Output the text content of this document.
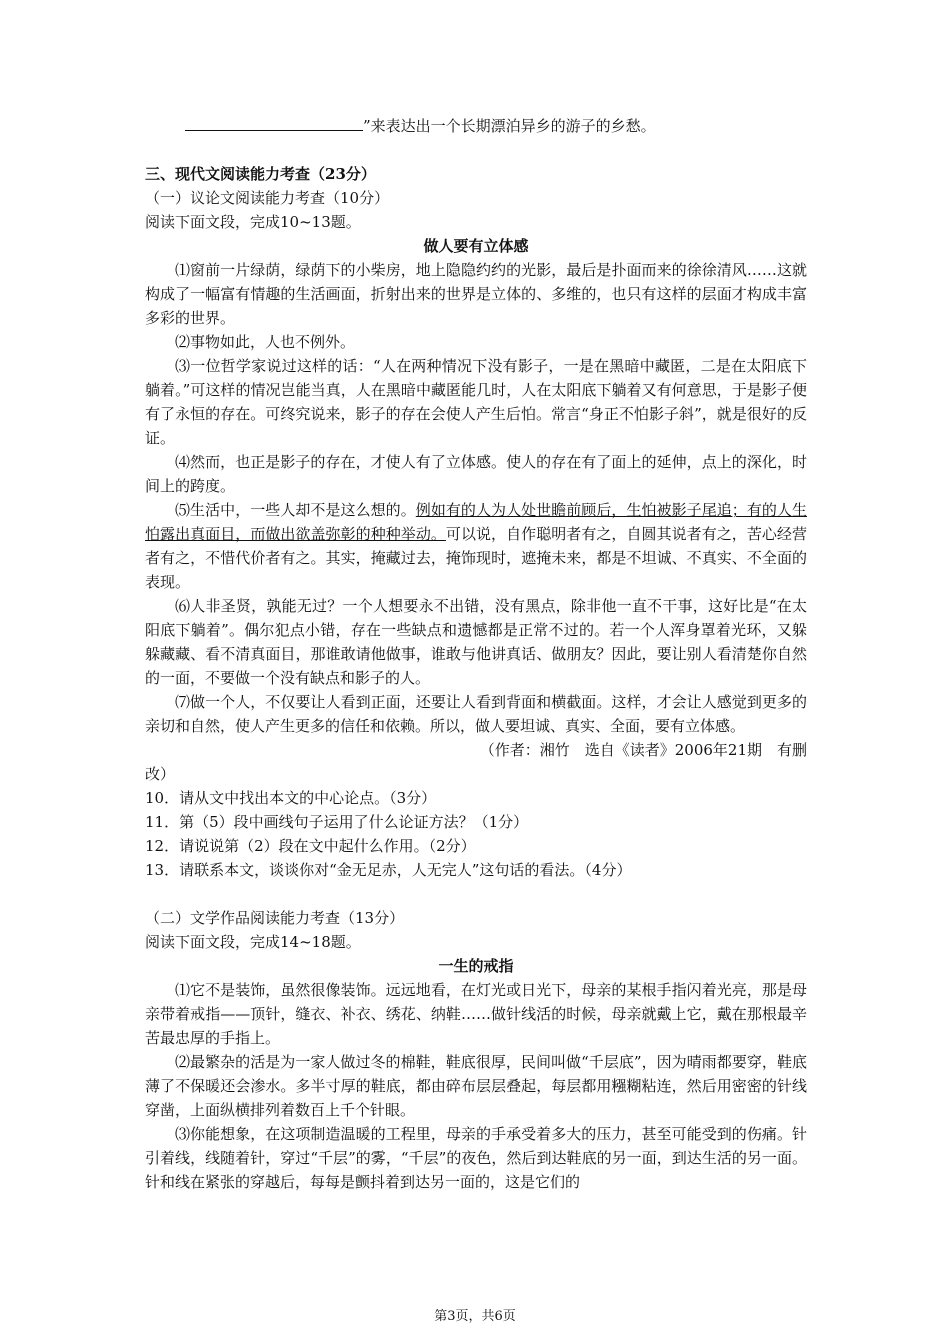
”来表达出一个长期漂泊异乡的游子的乡愁。
三、现代文阅读能力考查（23分）
（一）议论文阅读能力考查（10分）
阅读下面文段，完成10~13题。
做人要有立体感
⑴窗前一片绿荫，绿荫下的小柴房，地上隐隐约约的光影，最后是扑面而来的徐徐清风……这就构成了一幅富有情趣的生活画面，折射出来的世界是立体的、多维的，也只有这样的层面才构成丰富多彩的世界。
⑵事物如此，人也不例外。
⑶一位哲学家说过这样的话：“人在两种情况下没有影子，一是在黑暗中藏匿，二是在太阳底下躺着。”可这样的情况岂能当真，人在黑暗中藏匿能几时，人在太阳底下躺着又有何意思，于是影子便有了永恒的存在。可终究说来，影子的存在会使人产生后怕。常言“身正不怕影子斜”，就是很好的反证。
⑷然而，也正是影子的存在，才使人有了立体感。使人的存在有了面上的延伸，点上的深化，时间上的跨度。
⑸生活中，一些人却不是这么想的。例如有的人为人处世瞻前顾后，生怕被影子尾追；有的人生怕露出真面目，而做出欲盖弥彰的种种举动。可以说，自作聪明者有之，自圆其说者有之，苦心经营者有之，不惜代价者有之。其实，掩藏过去，掩饰现时，遮掩未来，都是不坦诚、不真实、不全面的表现。
⑹人非圣贤，孰能无过？一个人想要永不出错，没有黑点，除非他一直不干事，这好比是“在太阳底下躺着”。偶尔犯点小错，存在一些缺点和遗憾都是正常不过的。若一个人浑身罩着光环，又躲躲藏藏、看不清真面目，那谁敢请他做事，谁敢与他讲真话、做朋友？因此，要让别人看清楚你自然的一面，不要做一个没有缺点和影子的人。
⑺做一个人，不仅要让人看到正面，还要让人看到背面和横截面。这样，才会让人感觉到更多的亲切和自然，使人产生更多的信任和依赖。所以，做人要坦诚、真实、全面，要有立体感。
（作者：湘竹　选自《读者》2006年21期　有删
改）
10．请从文中找出本文的中心论点。（3分）
11．第（5）段中画线句子运用了什么论证方法？（1分）
12．请说说第（2）段在文中起什么作用。（2分）
13．请联系本文，谈谈你对“金无足赤，人无完人”这句话的看法。（4分）
（二）文学作品阅读能力考查（13分）
阅读下面文段，完成14~18题。
一生的戒指
⑴它不是装饰，虽然很像装饰。远远地看，在灯光或日光下，母亲的某根手指闪着光亮，那是母亲带着戒指——顶针，缝衣、补衣、绣花、纳鞋……做针线活的时候，母亲就戴上它，戴在那根最辛苦最忠厚的手指上。
⑵最繁杂的活是为一家人做过冬的棉鞋，鞋底很厚，民间叫做“千层底”，因为晴雨都要穿，鞋底薄了不保暖还会渗水。多半寸厚的鞋底，都由碎布层层叠起，每层都用糨糊粘连，然后用密密的针线穿凿，上面纵横排列着数百上千个针眼。
⑶你能想象，在这项制造温暖的工程里，母亲的手承受着多大的压力，甚至可能受到的伤痛。针引着线，线随着针，穿过“千层”的雾，“千层”的夜色，然后到达鞋底的另一面，到达生活的另一面。针和线在紧张的穿越后，每每是颤抖着到达另一面的，这是它们的
第3页，共6页
